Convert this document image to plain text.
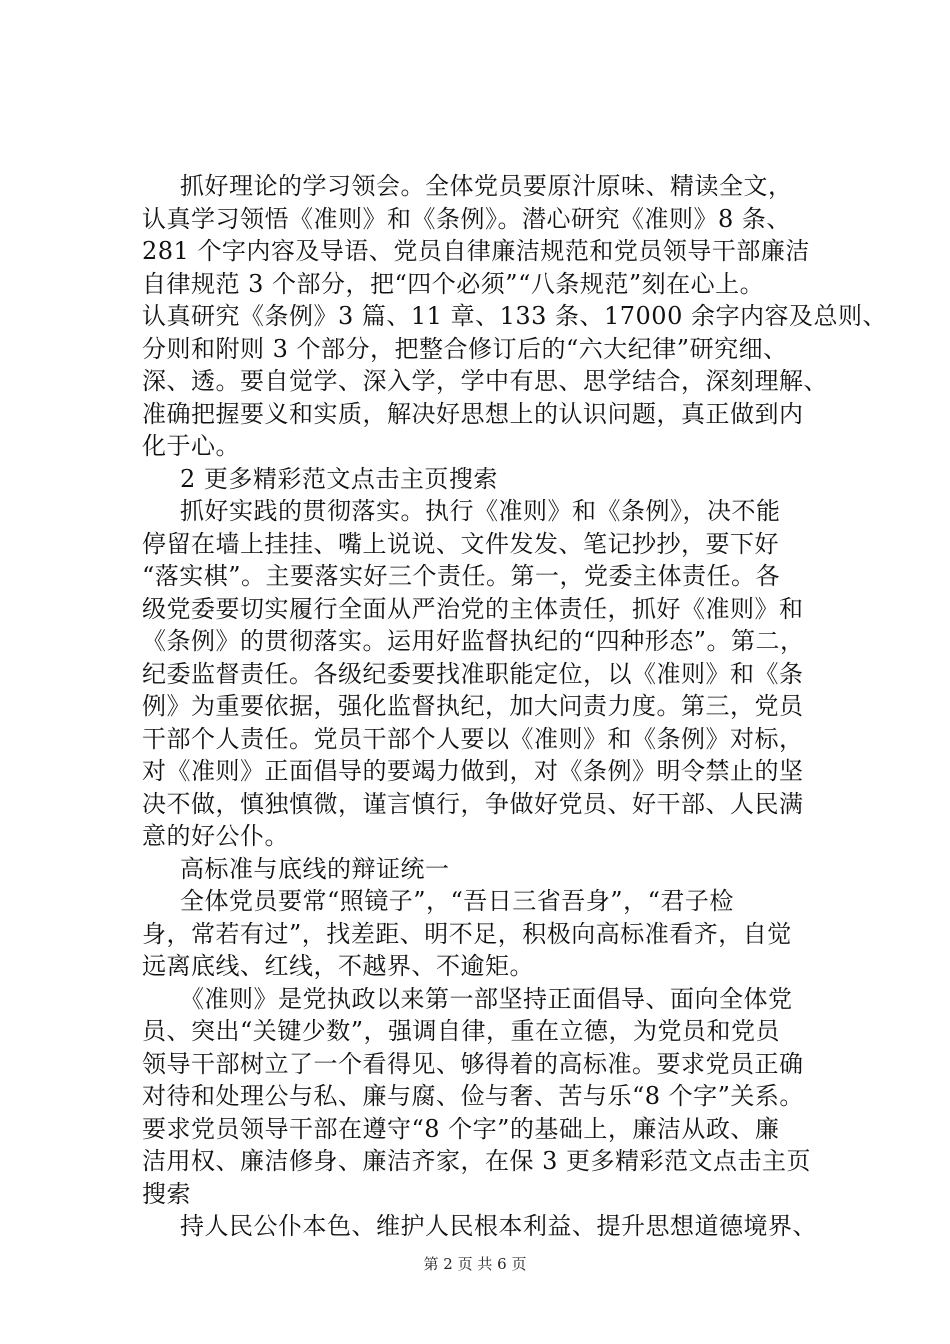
抓好理论的学习领会。全体党员要原汁原味、精读全文，
认真学习领悟《准则》和《条例》。潜心研究《准则》8 条、
281 个字内容及导语、党员自律廉洁规范和党员领导干部廉洁
自律规范 3 个部分，把“四个必须”“八条规范”刻在心上。
认真研究《条例》3 篇、11 章、133 条、17000 余字内容及总则、
分则和附则 3 个部分，把整合修订后的“六大纪律”研究细、
深、透。要自觉学、深入学，学中有思、思学结合，深刻理解、
准确把握要义和实质，解决好思想上的认识问题，真正做到内
化于心。
2 更多精彩范文点击主页搜索
抓好实践的贯彻落实。执行《准则》和《条例》，决不能
停留在墙上挂挂、嘴上说说、文件发发、笔记抄抄，要下好
“落实棋”。主要落实好三个责任。第一，党委主体责任。各
级党委要切实履行全面从严治党的主体责任，抓好《准则》和
《条例》的贯彻落实。运用好监督执纪的“四种形态”。第二，
纪委监督责任。各级纪委要找准职能定位，以《准则》和《条
例》为重要依据，强化监督执纪，加大问责力度。第三，党员
干部个人责任。党员干部个人要以《准则》和《条例》对标，
对《准则》正面倡导的要竭力做到，对《条例》明令禁止的坚
决不做，慎独慎微，谨言慎行，争做好党员、好干部、人民满
意的好公仆。
高标准与底线的辩证统一
全体党员要常“照镜子”，“吾日三省吾身”，“君子检
身，常若有过”，找差距、明不足，积极向高标准看齐，自觉
远离底线、红线，不越界、不逾矩。
《准则》是党执政以来第一部坚持正面倡导、面向全体党
员、突出“关键少数”，强调自律，重在立德，为党员和党员
领导干部树立了一个看得见、够得着的高标准。要求党员正确
对待和处理公与私、廉与腐、俭与奢、苦与乐“8 个字”关系。
要求党员领导干部在遵守“8 个字”的基础上，廉洁从政、廉
洁用权、廉洁修身、廉洁齐家，在保 3 更多精彩范文点击主页
搜索
持人民公仆本色、维护人民根本利益、提升思想道德境界、
第 2 页 共 6 页
